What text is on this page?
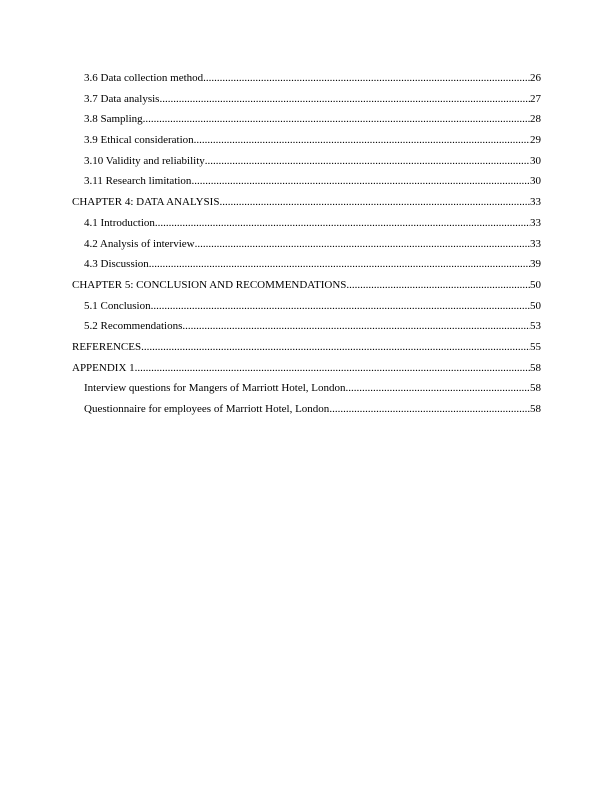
3.6 Data collection method .....	26
3.7 Data analysis .....	27
3.8 Sampling .....	28
3.9 Ethical consideration .....	29
3.10 Validity and reliability .....	30
3.11 Research limitation .....	30
CHAPTER 4: DATA ANALYSIS .....	33
4.1 Introduction .....	33
4.2 Analysis of interview .....	33
4.3 Discussion .....	39
CHAPTER 5: CONCLUSION AND RECOMMENDATIONS .....	50
5.1 Conclusion .....	50
5.2 Recommendations .....	53
REFERENCES .....	55
APPENDIX 1 .....	58
Interview questions for Mangers of Marriott Hotel, London .....	58
Questionnaire for employees of Marriott Hotel, London .....	58
